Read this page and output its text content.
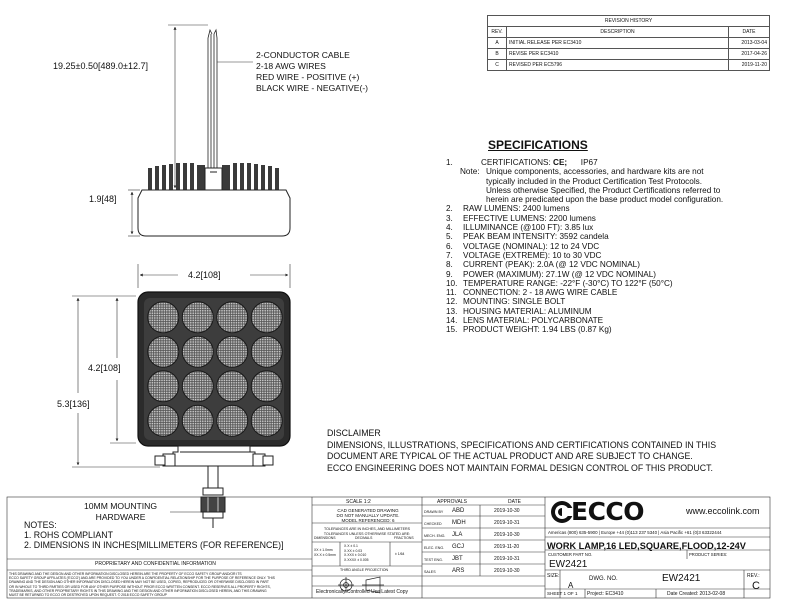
REVISION HISTORY		
REV.	DESCRIPTION	DATE
A	INITIAL RELEASE PER EC3410	2013-03-04
B	REVISE PER EC3410	2017-04-26
C	REVISED PER EC5796	2019-11-20
19.25±0.50[489.0±12.7]
1.9[48]
4.2[108]
4.2[108]
5.3[136]
2-CONDUCTOR CABLE
2-18 AWG WIRES
RED WIRE - POSITIVE (+)
BLACK WIRE - NEGATIVE(-)
10MM MOUNTING
HARDWARE
SPECIFICATIONS
1.	CERTIFICATIONS: CE; IP67
Note: Unique components, accessories, and hardware kits are not typically included in the Product Certification Test Protocols. Unless otherwise Specified, the Product Certifications referred to herein are predicated upon the base product model configuration.
2.	RAW LUMENS: 2400 lumens
3.	EFFECTIVE LUMENS: 2200 lumens
4.	ILLUMINANCE (@100 FT): 3.85 lux
5.	PEAK BEAM INTENSITY: 3592 candela
6.	VOLTAGE (NOMINAL): 12 to 24 VDC
7.	VOLTAGE (EXTREME): 10 to 30 VDC
8.	CURRENT (PEAK): 2.0A (@ 12 VDC NOMINAL)
9.	POWER (MAXIMUM): 27.1W (@ 12 VDC NOMINAL)
10. TEMPERATURE RANGE: -22°F (-30°C) TO 122°F (50°C)
11. CONNECTION: 2 - 18 AWG WIRE CABLE
12. MOUNTING: SINGLE BOLT
13. HOUSING MATERIAL: ALUMINUM
14. LENS MATERIAL: POLYCARBONATE
15. PRODUCT WEIGHT: 1.94 LBS (0.87 Kg)
DISCLAIMER
DIMENSIONS, ILLUSTRATIONS, SPECIFICATIONS AND CERTIFICATIONS CONTAINED IN THIS
DOCUMENT ARE TYPICAL OF THE ACTUAL PRODUCT AND ARE SUBJECT TO CHANGE.
ECCO ENGINEERING DOES NOT MAINTAIN FORMAL DESIGN CONTROL OF THIS PRODUCT.
NOTES:
1. ROHS COMPLIANT
2. DIMENSIONS IN INCHES[MILLIMETERS (FOR REFERENCE)]
PROPRIETARY AND CONFIDENTIAL INFORMATION
THIS DRAWING AND THE DESIGN AND OTHER INFORMATION DISCLOSED HEREIN ARE THE PROPERTY OF ECCO SAFETY GROUP AND/OR ITS
ECCO SAFETY GROUP AFFILIATES ('ECCO') AND ARE PROVIDED TO YOU UNDER A CONFIDENTIAL RELATIONSHIP FOR THE PURPOSE OF REFERENCE ONLY. THIS
DRAWING AND THE DESIGN AND OTHER INFORMATION DISCLOSED HEREIN MAY NOT BE USED, COPIED, REPRODUCED OR OTHERWISE DISCLOSED IN PART
OR IN WHOLE TO THIRD PARTIES OR USED FOR ANY OTHER PURPOSE WITHOUT PRIOR ECCO WRITTEN CONSENT. ECCO RESERVES ALL PROPERTY RIGHTS,
TRADEMARKS, AND OTHER PROPRIETARY RIGHTS IN THIS DRAWING AND THE DESIGN AND OTHER INFORMATION DISCLOSED HEREIN, AND THIS DRAWING
MUST BE RETURNED TO ECCO OR DESTROYED UPON REQUEST. © 2018 ECCO SAFETY GROUP
SCALE 1:2
CAD GENERATED DRAWING
DO NOT MANUALLY UPDATE.
MODEL REFERENCED: 6
TOLERANCES ARE IN INCHES, AND MILLIMETERS
TOLERANCES UNLESS OTHERWISE STATED ARE:
DIMENSIONS	DECIMALS	FRACTIONS
XX ± 1.0mm
XX.X ± 0.5mm
X.X ± 0.1
X.XX ± 0.03
X.XXX ± 0.010
X.XXXX ± 0.005
± 1/64
THIRD ANGLE PROJECTION
APPROVALS	DATE
DRAWN BY ABD	2019-10-30
CHECKED MDH	2019-10-31
MECH. ENG. JLA	2019-10-30
ELEC. ENG. GCJ	2019-11-20
TEST ENG. JBT	2019-10-31
SALES	ARS	2019-10-30
Electronically Controlled Use Latest Copy
ECCO	www.eccolink.com
Americas (800) 635-5900 | Europe +44 (0)113 237 5340 | Asia Pacific +61 (0)3 63322444
WORK LAMP,16 LED,SQUARE,FLOOD,12-24V
CUSTOMER PART NO.	PRODUCT SERIES:
EW2421
SIZE:
A
DWG. NO.	EW2421	REV.:
C
SHEET 1 OF 1 Project: EC3410	Date Created: 2013-02-08
